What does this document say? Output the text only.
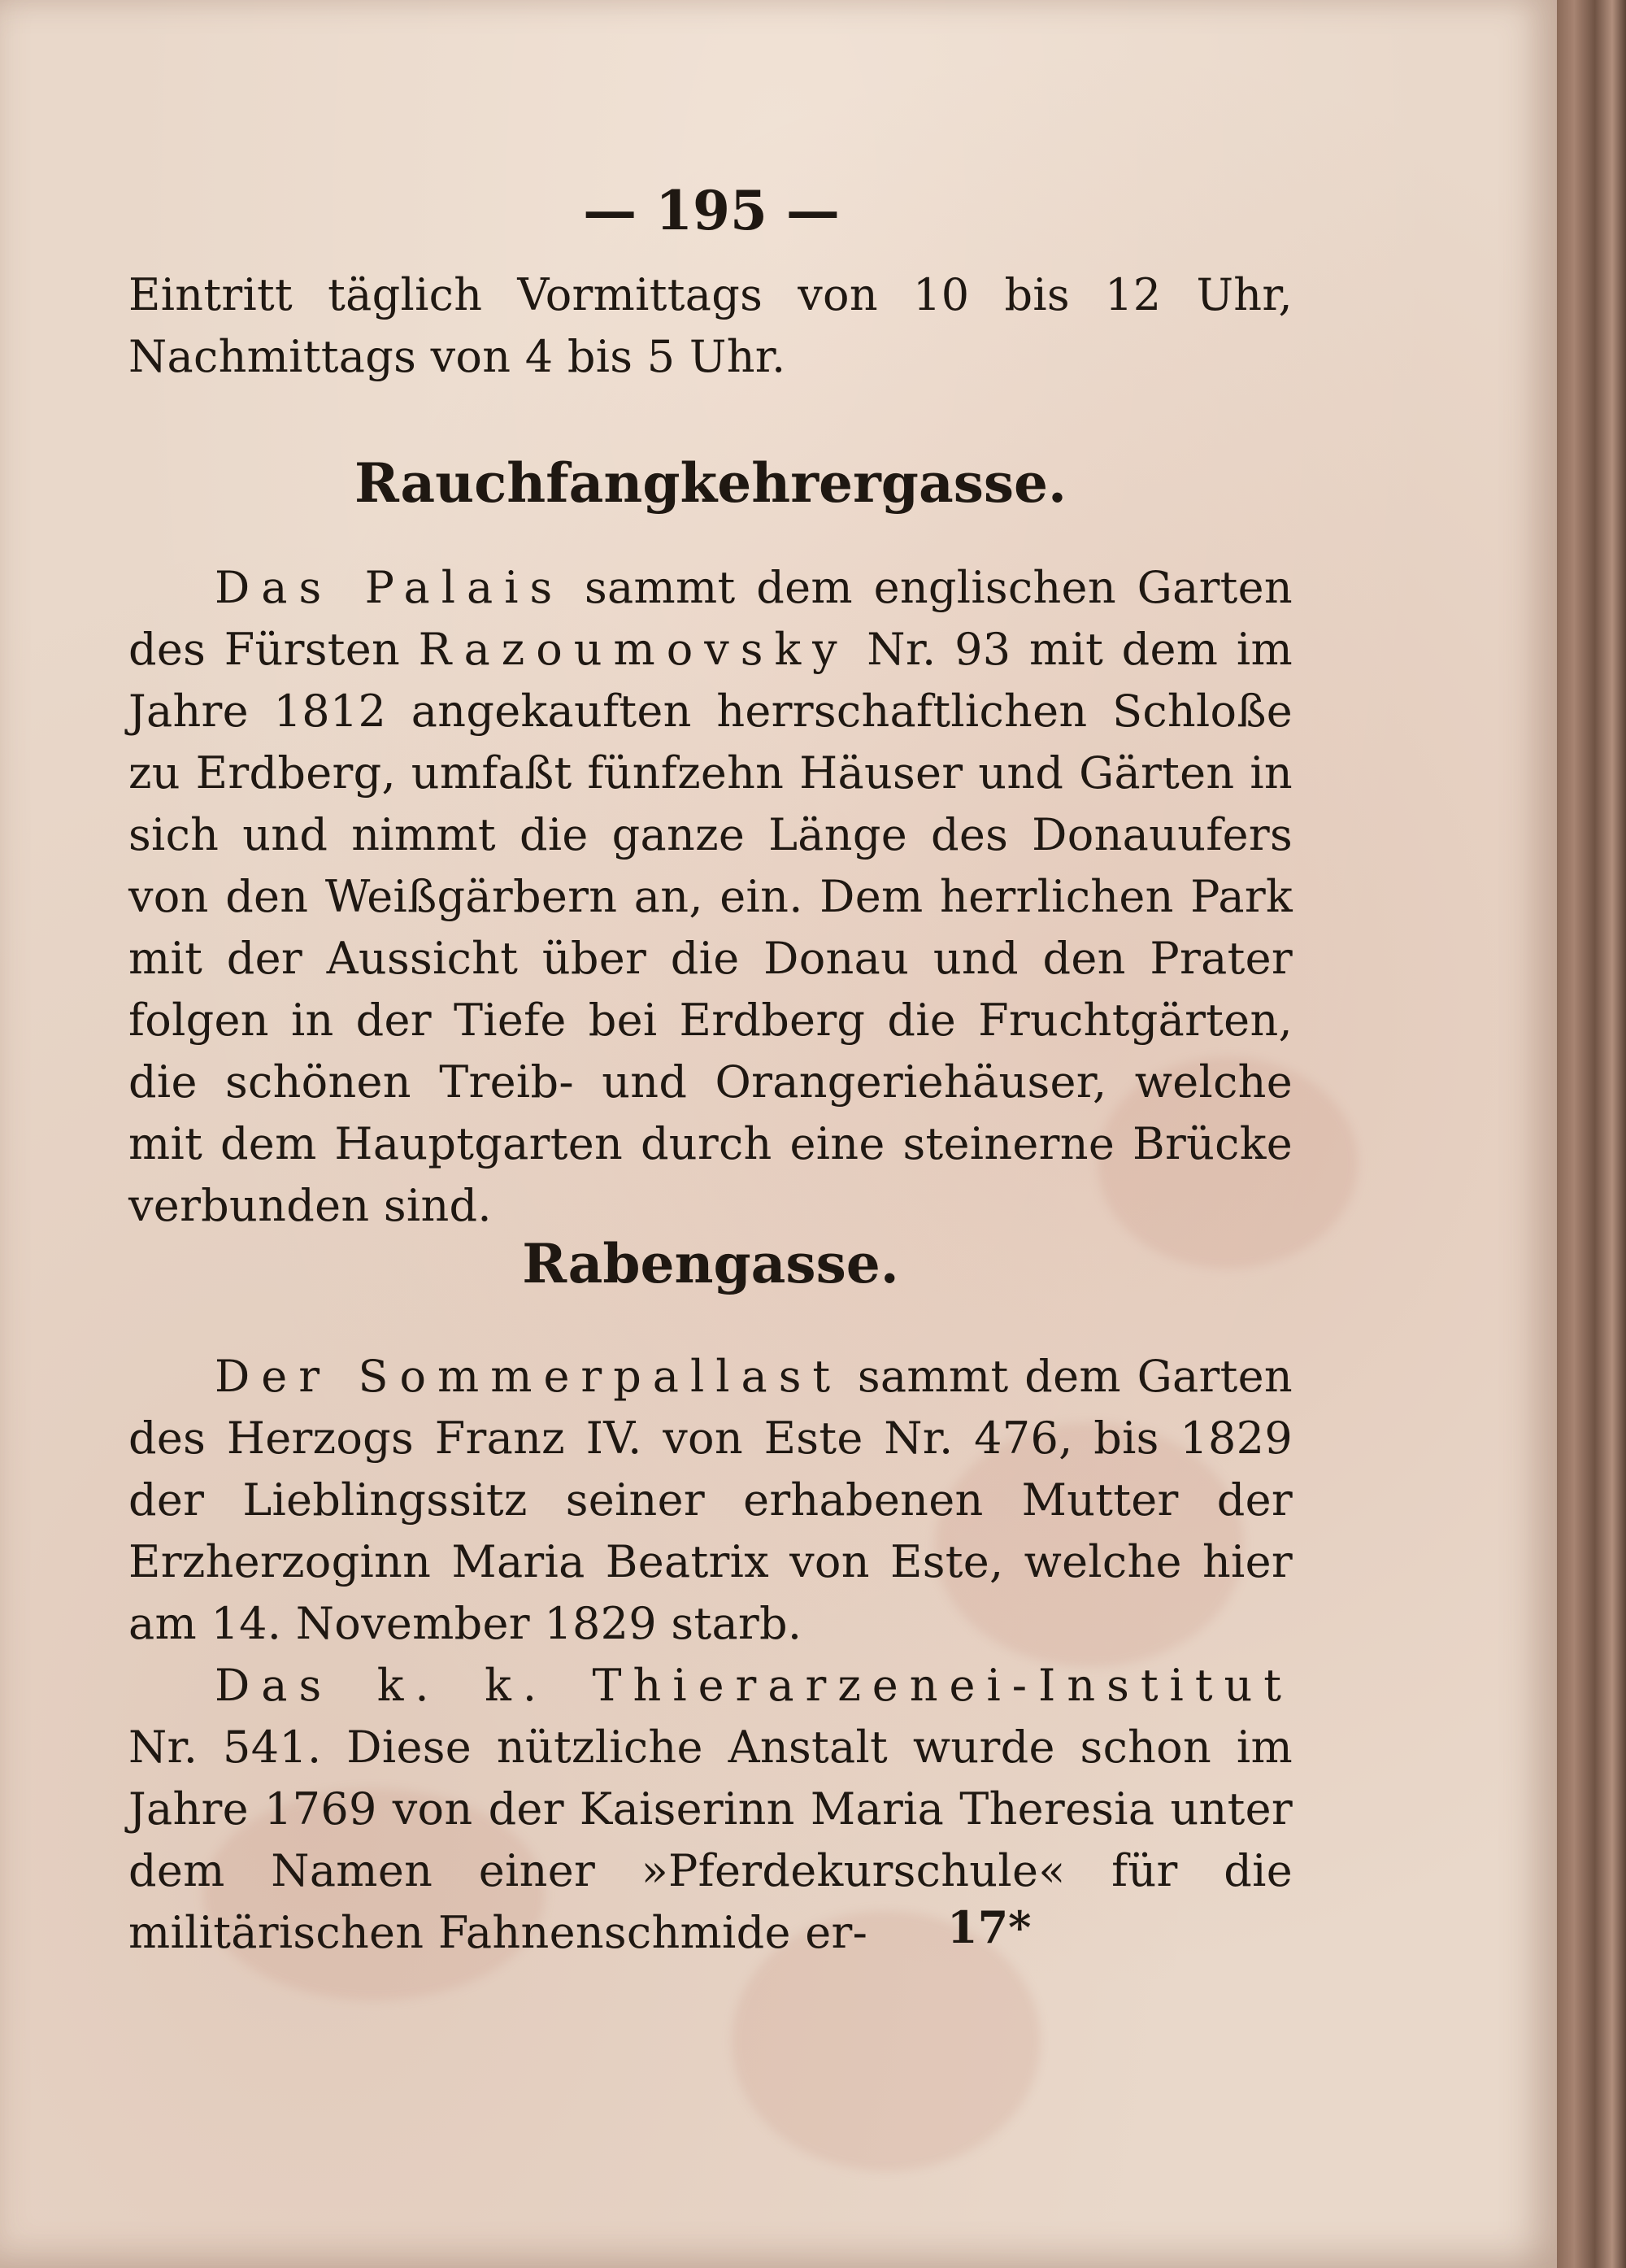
— 195 —
Eintritt täglich Vormittags von 10 bis 12 Uhr, Nachmittags von 4 bis 5 Uhr.
Rauchfangkehrergasse.

Das Palais sammt dem englischen Garten des Fürsten Razoumovsky Nr. 93 mit dem im Jahre 1812 angekauften herrschaftlichen Schloße zu Erdberg, umfaßt fünfzehn Häuser und Gärten in sich und nimmt die ganze Länge des Donauufers von den Weißgärbern an, ein. Dem herrlichen Park mit der Aussicht über die Donau und den Prater folgen in der Tiefe bei Erdberg die Fruchtgärten, die schönen Treib- und Orangeriehäuser, welche mit dem Hauptgarten durch eine steinerne Brücke verbunden sind.

Rabengasse.

Der Sommerpallast sammt dem Garten des Herzogs Franz IV. von Este Nr. 476, bis 1829 der Lieblingssitz seiner erhabenen Mutter der Erzherzoginn Maria Beatrix von Este, welche hier am 14. November 1829 starb.

Das k. k. Thierarzenei-Institut Nr. 541. Diese nützliche Anstalt wurde schon im Jahre 1769 von der Kaiserinn Maria Theresia unter dem Namen einer »Pferdekurschule« für die militärischen Fahnenschmide er-	17*
